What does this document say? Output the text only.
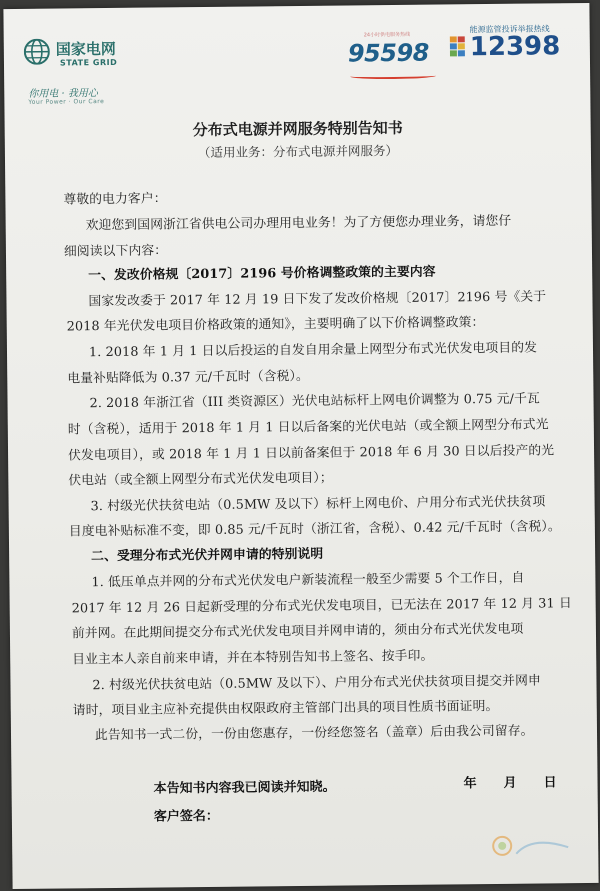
国家电网
STATE GRID
你用电 · 我用心
Your Power · Our Care
24小时供电服务热线
95598
能源监管投诉举报热线
12398
分布式电源并网服务特别告知书
（适用业务：分布式电源并网服务）
尊敬的电力客户：
欢迎您到国网浙江省供电公司办理用电业务！为了方便您办理业务，请您仔
细阅读以下内容：
一、发改价格规〔2017〕2196 号价格调整政策的主要内容
国家发改委于 2017 年 12 月 19 日下发了发改价格规〔2017〕2196 号《关于
2018 年光伏发电项目价格政策的通知》，主要明确了以下价格调整政策：
1. 2018 年 1 月 1 日以后投运的自发自用余量上网型分布式光伏发电项目的发
电量补贴降低为 0.37 元/千瓦时（含税）。
2. 2018 年浙江省（III 类资源区）光伏电站标杆上网电价调整为 0.75 元/千瓦
时（含税），适用于 2018 年 1 月 1 日以后备案的光伏电站（或全额上网型分布式光
伏发电项目），或 2018 年 1 月 1 日以前备案但于 2018 年 6 月 30 日以后投产的光
伏电站（或全额上网型分布式光伏发电项目）；
3. 村级光伏扶贫电站（0.5MW 及以下）标杆上网电价、户用分布式光伏扶贫项
目度电补贴标准不变，即 0.85 元/千瓦时（浙江省，含税）、0.42 元/千瓦时（含税）。
二、受理分布式光伏并网申请的特别说明
1. 低压单点并网的分布式光伏发电户新装流程一般至少需要 5 个工作日，自
2017 年 12 月 26 日起新受理的分布式光伏发电项目，已无法在 2017 年 12 月 31 日
前并网。在此期间提交分布式光伏发电项目并网申请的，须由分布式光伏发电项
目业主本人亲自前来申请，并在本特别告知书上签名、按手印。
2. 村级光伏扶贫电站（0.5MW 及以下）、户用分布式光伏扶贫项目提交并网申
请时，项目业主应补充提供由权限政府主管部门出具的项目性质书面证明。
此告知书一式二份，一份由您惠存，一份经您签名（盖章）后由我公司留存。
本告知书内容我已阅读并知晓。	年 月 日
客户签名：
